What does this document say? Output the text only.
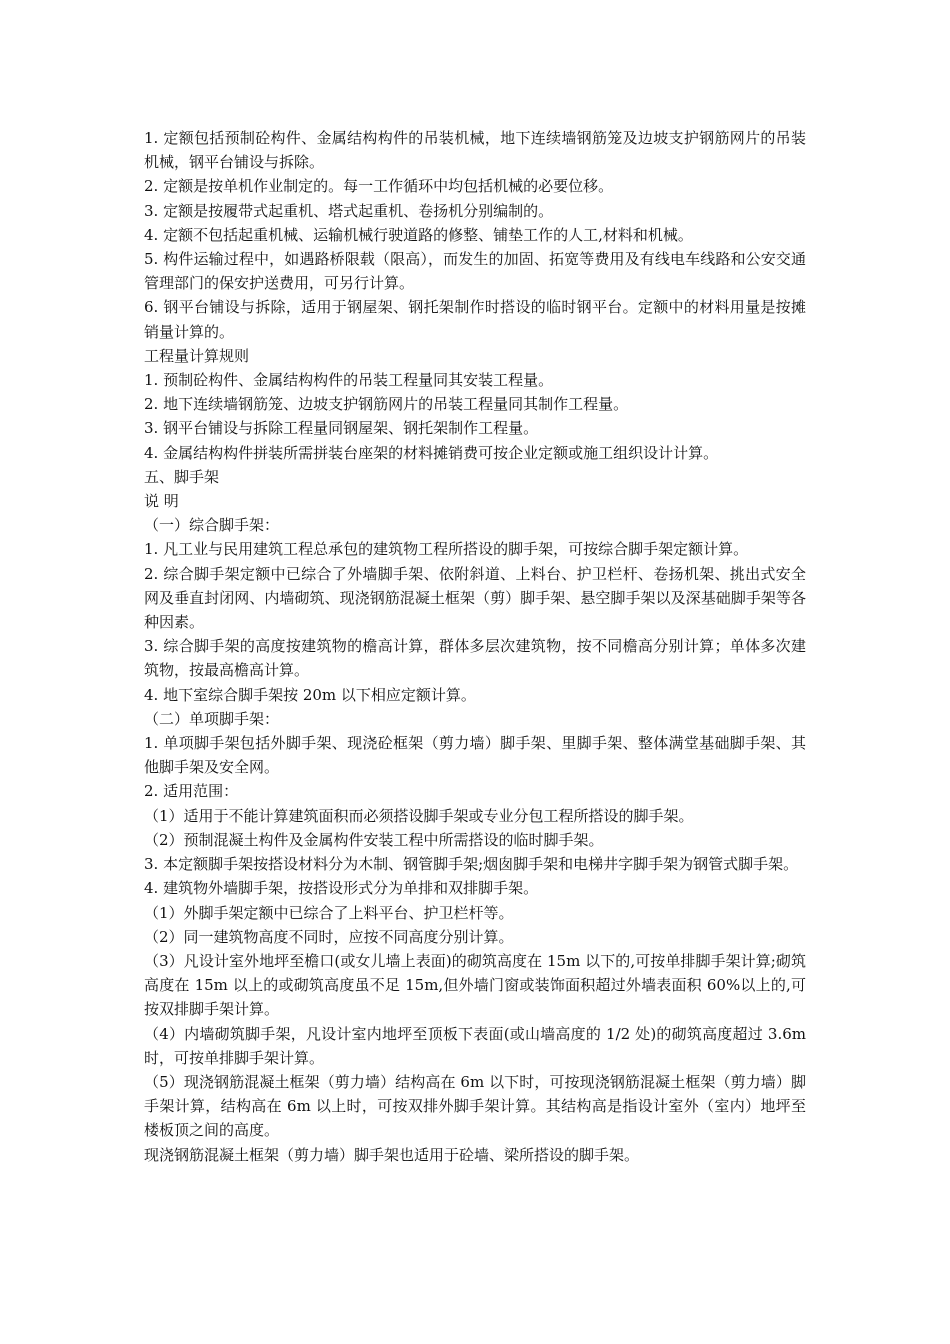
1. 定额包括预制砼构件、金属结构构件的吊装机械，地下连续墙钢筋笼及边坡支护钢筋网片的吊装机械，钢平台铺设与拆除。

2. 定额是按单机作业制定的。每一工作循环中均包括机械的必要位移。

3. 定额是按履带式起重机、塔式起重机、卷扬机分别编制的。

4. 定额不包括起重机械、运输机械行驶道路的修整、铺垫工作的人工,材料和机械。

5. 构件运输过程中，如遇路桥限载（限高），而发生的加固、拓宽等费用及有线电车线路和公安交通管理部门的保安护送费用，可另行计算。

6. 钢平台铺设与拆除，适用于钢屋架、钢托架制作时搭设的临时钢平台。定额中的材料用量是按摊销量计算的。

工程量计算规则

1. 预制砼构件、金属结构构件的吊装工程量同其安装工程量。

2. 地下连续墙钢筋笼、边坡支护钢筋网片的吊装工程量同其制作工程量。

3. 钢平台铺设与拆除工程量同钢屋架、钢托架制作工程量。

4. 金属结构构件拼装所需拼装台座架的材料摊销费可按企业定额或施工组织设计计算。

五、脚手架

说 明

（一）综合脚手架：

1. 凡工业与民用建筑工程总承包的建筑物工程所搭设的脚手架，可按综合脚手架定额计算。

2. 综合脚手架定额中已综合了外墙脚手架、依附斜道、上料台、护卫栏杆、卷扬机架、挑出式安全网及垂直封闭网、内墙砌筑、现浇钢筋混凝土框架（剪）脚手架、悬空脚手架以及深基础脚手架等各种因素。

3. 综合脚手架的高度按建筑物的檐高计算，群体多层次建筑物，按不同檐高分别计算；单体多次建筑物，按最高檐高计算。

4. 地下室综合脚手架按 20m 以下相应定额计算。

（二）单项脚手架：

1. 单项脚手架包括外脚手架、现浇砼框架（剪力墙）脚手架、里脚手架、整体满堂基础脚手架、其他脚手架及安全网。

2. 适用范围：

（1）适用于不能计算建筑面积而必须搭设脚手架或专业分包工程所搭设的脚手架。

（2）预制混凝土构件及金属构件安装工程中所需搭设的临时脚手架。

3. 本定额脚手架按搭设材料分为木制、钢管脚手架;烟囱脚手架和电梯井字脚手架为钢管式脚手架。

4. 建筑物外墙脚手架，按搭设形式分为单排和双排脚手架。

（1）外脚手架定额中已综合了上料平台、护卫栏杆等。

（2）同一建筑物高度不同时，应按不同高度分别计算。

（3）凡设计室外地坪至檐口(或女儿墙上表面)的砌筑高度在 15m 以下的,可按单排脚手架计算;砌筑高度在 15m 以上的或砌筑高度虽不足 15m,但外墙门窗或装饰面积超过外墙表面积 60%以上的,可按双排脚手架计算。

（4）内墙砌筑脚手架，凡设计室内地坪至顶板下表面(或山墙高度的 1/2 处)的砌筑高度超过 3.6m 时，可按单排脚手架计算。

（5）现浇钢筋混凝土框架（剪力墙）结构高在 6m 以下时，可按现浇钢筋混凝土框架（剪力墙）脚手架计算，结构高在 6m 以上时，可按双排外脚手架计算。其结构高是指设计室外（室内）地坪至楼板顶之间的高度。

现浇钢筋混凝土框架（剪力墙）脚手架也适用于砼墙、梁所搭设的脚手架。
